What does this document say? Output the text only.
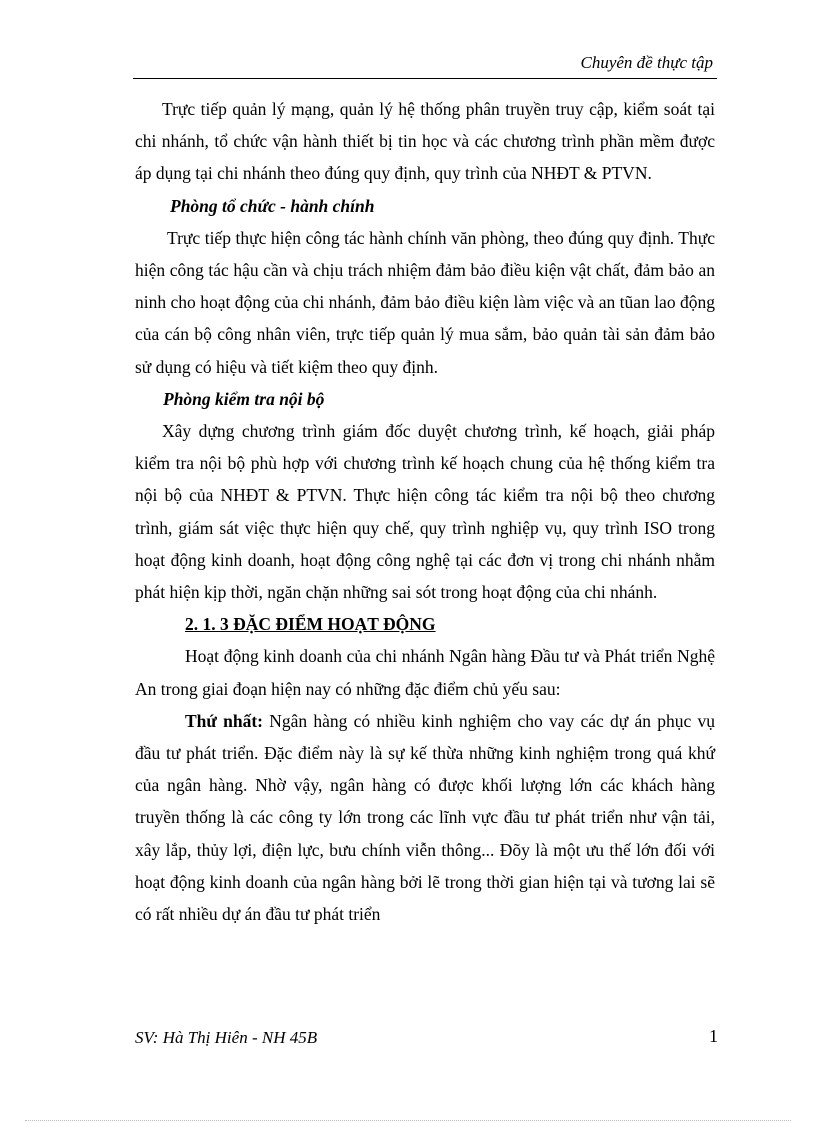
Chuyên đề thực tập

Trực tiếp quản lý mạng, quản lý hệ thống phân truyền truy cập, kiểm soát tại chi nhánh, tổ chức vận hành thiết bị tin học và các chương trình phần mềm được áp dụng tại chi nhánh theo đúng quy định, quy trình của NHĐT & PTVN.

Phòng tổ chức - hành chính

Trực tiếp thực hiện công tác hành chính văn phòng, theo đúng quy định. Thực hiện công tác hậu cần và chịu trách nhiệm đảm bảo điều kiện vật chất, đảm bảo an ninh cho hoạt động của chi nhánh, đảm bảo điều kiện làm việc và an tũan lao động của cán bộ công nhân viên, trực tiếp quản lý mua sắm, bảo quản tài sản đảm bảo sử dụng có hiệu và tiết kiệm theo quy định.

Phòng kiểm tra nội bộ

Xây dựng chương trình giám đốc duyệt chương trình, kế hoạch, giải pháp kiểm tra nội bộ phù hợp với chương trình kế hoạch chung của hệ thống kiểm tra nội bộ của NHĐT & PTVN. Thực hiện công tác kiểm tra nội bộ theo chương trình, giám sát việc thực hiện quy chế, quy trình nghiệp vụ, quy trình ISO trong hoạt động kinh doanh, hoạt động công nghệ tại các đơn vị trong chi nhánh nhằm phát hiện kịp thời, ngăn chặn những sai sót trong hoạt động của chi nhánh.

2. 1. 3 ĐẶC ĐIỂM HOẠT ĐỘNG

Hoạt động kinh doanh của chi nhánh Ngân hàng Đầu tư và Phát triển Nghệ An trong giai đoạn hiện nay có những đặc điểm chủ yếu sau:

Thứ nhất: Ngân hàng có nhiều kinh nghiệm cho vay các dự án phục vụ đầu tư phát triển. Đặc điểm này là sự kế thừa những kinh nghiệm trong quá khứ của ngân hàng. Nhờ vậy, ngân hàng có được khối lượng lớn các khách hàng truyền thống là các công ty lớn trong các lĩnh vực đầu tư phát triển như vận tải, xây lắp, thủy lợi, điện lực, bưu chính viễn thông... Đõy là một ưu thế lớn đối với hoạt động kinh doanh của ngân hàng bởi lẽ trong thời gian hiện tại và tương lai sẽ có rất nhiều dự án đầu tư phát triển

SV: Hà Thị Hiên - NH 45B	1
